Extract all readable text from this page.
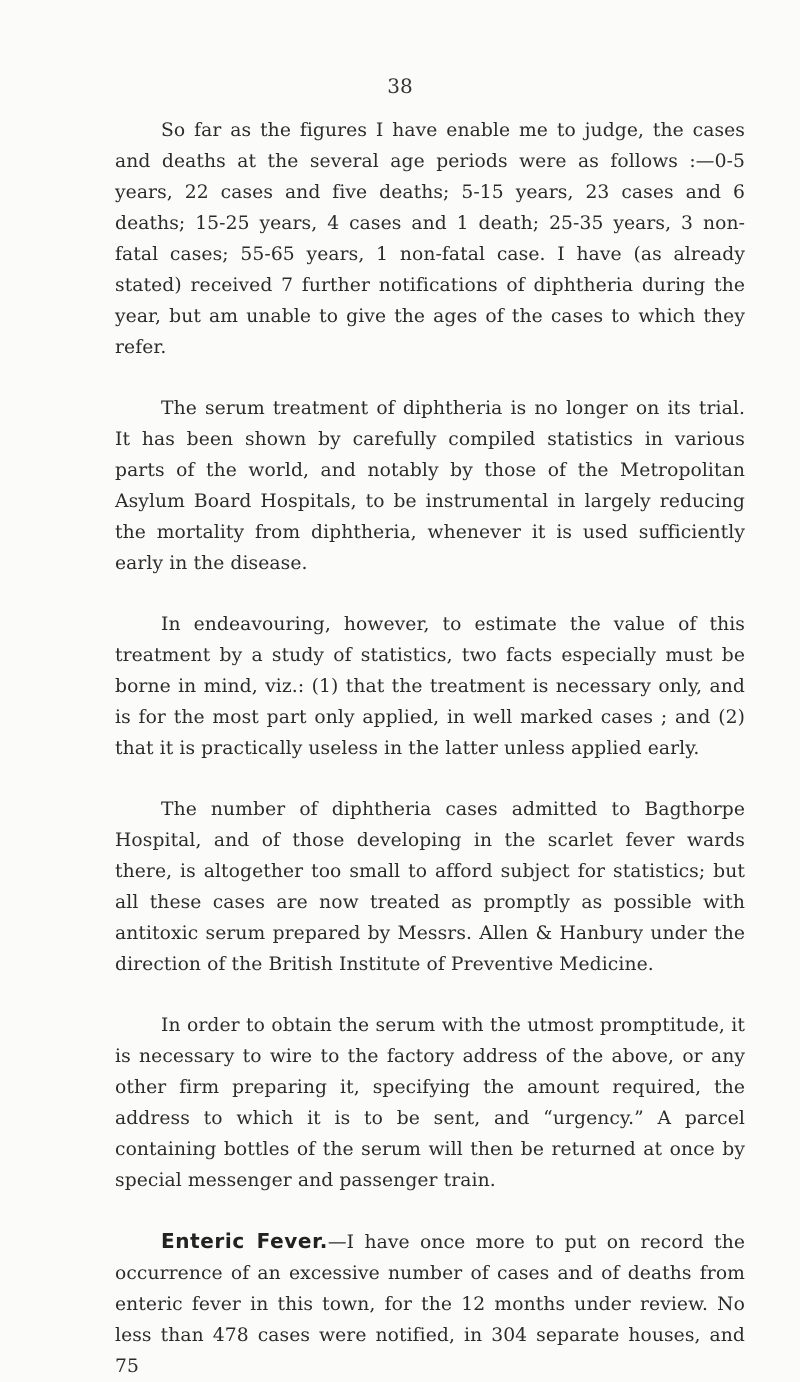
38

So far as the figures I have enable me to judge, the cases and deaths at the several age periods were as follows :—0-5 years, 22 cases and five deaths; 5-15 years, 23 cases and 6 deaths; 15-25 years, 4 cases and 1 death; 25-35 years, 3 non-fatal cases; 55-65 years, 1 non-fatal case. I have (as already stated) received 7 further notifications of diphtheria during the year, but am unable to give the ages of the cases to which they refer.

The serum treatment of diphtheria is no longer on its trial. It has been shown by carefully compiled statistics in various parts of the world, and notably by those of the Metropolitan Asylum Board Hospitals, to be instrumental in largely reducing the mortality from diphtheria, whenever it is used sufficiently early in the disease.

In endeavouring, however, to estimate the value of this treatment by a study of statistics, two facts especially must be borne in mind, viz.: (1) that the treatment is necessary only, and is for the most part only applied, in well marked cases ; and (2) that it is practically useless in the latter unless applied early.

The number of diphtheria cases admitted to Bagthorpe Hospital, and of those developing in the scarlet fever wards there, is altogether too small to afford subject for statistics; but all these cases are now treated as promptly as possible with antitoxic serum prepared by Messrs. Allen & Hanbury under the direction of the British Institute of Preventive Medicine.

In order to obtain the serum with the utmost promptitude, it is necessary to wire to the factory address of the above, or any other firm preparing it, specifying the amount required, the address to which it is to be sent, and “urgency.” A parcel containing bottles of the serum will then be returned at once by special messenger and passenger train.

Enteric Fever.—I have once more to put on record the occurrence of an excessive number of cases and of deaths from enteric fever in this town, for the 12 months under review. No less than 478 cases were notified, in 304 separate houses, and 75
